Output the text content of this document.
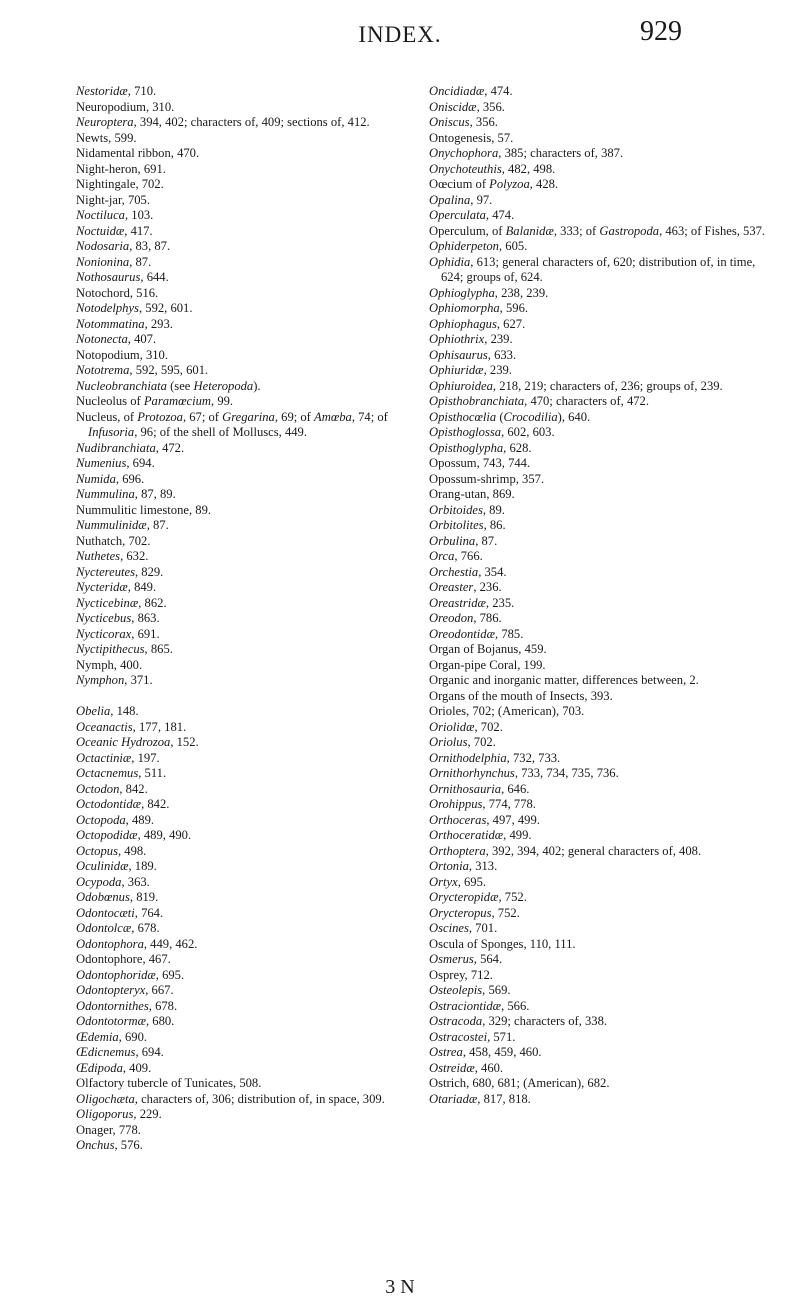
INDEX.	929
Nestoridæ, 710.
Neuropodium, 310.
Neuroptera, 394, 402; characters of, 409; sections of, 412.
Newts, 599.
Nidamental ribbon, 470.
Night-heron, 691.
Nightingale, 702.
Night-jar, 705.
Noctiluca, 103.
Noctuidæ, 417.
Nodosaria, 83, 87.
Nonionina, 87.
Nothosaurus, 644.
Notochord, 516.
Notodelphys, 592, 601.
Notommatina, 293.
Notonecta, 407.
Notopodium, 310.
Nototrema, 592, 595, 601.
Nucleobranchiata (see Heteropoda).
Nucleolus of Paramœcium, 99.
Nucleus, of Protozoa, 67; of Gregarina, 69; of Amœba, 74; of Infusoria, 96; of the shell of Molluscs, 449.
Nudibranchiata, 472.
Numenius, 694.
Numida, 696.
Nummulina, 87, 89.
Nummulitic limestone, 89.
Nummulinidæ, 87.
Nuthatch, 702.
Nuthetes, 632.
Nyctereutes, 829.
Nycteridæ, 849.
Nycticebinæ, 862.
Nycticebus, 863.
Nycticorax, 691.
Nyctipithecus, 865.
Nymph, 400.
Nymphon, 371.
Obelia, 148.
Oceanactis, 177, 181.
Oceanic Hydrozoa, 152.
Octactiniæ, 197.
Octacnemus, 511.
Octodon, 842.
Octodontidæ, 842.
Octopoda, 489.
Octopodidæ, 489, 490.
Octopus, 498.
Oculinidæ, 189.
Ocypoda, 363.
Odobœnus, 819.
Odontocæti, 764.
Odontolcæ, 678.
Odontophora, 449, 462.
Odontophore, 467.
Odontophoridæ, 695.
Odontopteryx, 667.
Odontornithes, 678.
Odontotormæ, 680.
Œdemia, 690.
Œdicnemus, 694.
Œdipoda, 409.
Olfactory tubercle of Tunicates, 508.
Oligochæta, characters of, 306; distribution of, in space, 309.
Oligoporus, 229.
Onager, 778.
Onchus, 576.
Oncidiadæ, 474.
Oniscidæ, 356.
Oniscus, 356.
Ontogenesis, 57.
Onychophora, 385; characters of, 387.
Onychoteuthis, 482, 498.
Oœcium of Polyzoa, 428.
Opalina, 97.
Operculata, 474.
Operculum, of Balanidæ, 333; of Gastropoda, 463; of Fishes, 537.
Ophiderpeton, 605.
Ophidia, 613; general characters of, 620; distribution of, in time, 624; groups of, 624.
Ophioglypha, 238, 239.
Ophiomorpha, 596.
Ophiophagus, 627.
Ophiothrix, 239.
Ophisaurus, 633.
Ophiuridæ, 239.
Ophiuroidea, 218, 219; characters of, 236; groups of, 239.
Opisthobranchiata, 470; characters of, 472.
Opisthocœlia (Crocodilia), 640.
Opisthoglossa, 602, 603.
Opisthoglypha, 628.
Opossum, 743, 744.
Opossum-shrimp, 357.
Orang-utan, 869.
Orbitoides, 89.
Orbitolites, 86.
Orbulina, 87.
Orca, 766.
Orchestia, 354.
Oreaster, 236.
Oreastridæ, 235.
Oreodon, 786.
Oreodontidæ, 785.
Organ of Bojanus, 459.
Organ-pipe Coral, 199.
Organic and inorganic matter, differences between, 2.
Organs of the mouth of Insects, 393.
Orioles, 702; (American), 703.
Oriolidæ, 702.
Oriolus, 702.
Ornithodelphia, 732, 733.
Ornithorhynchus, 733, 734, 735, 736.
Ornithosauria, 646.
Orohippus, 774, 778.
Orthoceras, 497, 499.
Orthoceratidæ, 499.
Orthoptera, 392, 394, 402; general characters of, 408.
Ortonia, 313.
Ortyx, 695.
Orycteropidæ, 752.
Orycteropus, 752.
Oscines, 701.
Oscula of Sponges, 110, 111.
Osmerus, 564.
Osprey, 712.
Osteolepis, 569.
Ostraciontidæ, 566.
Ostracoda, 329; characters of, 338.
Ostracostei, 571.
Ostrea, 458, 459, 460.
Ostreidæ, 460.
Ostrich, 680, 681; (American), 682.
Otariadæ, 817, 818.
3 N
